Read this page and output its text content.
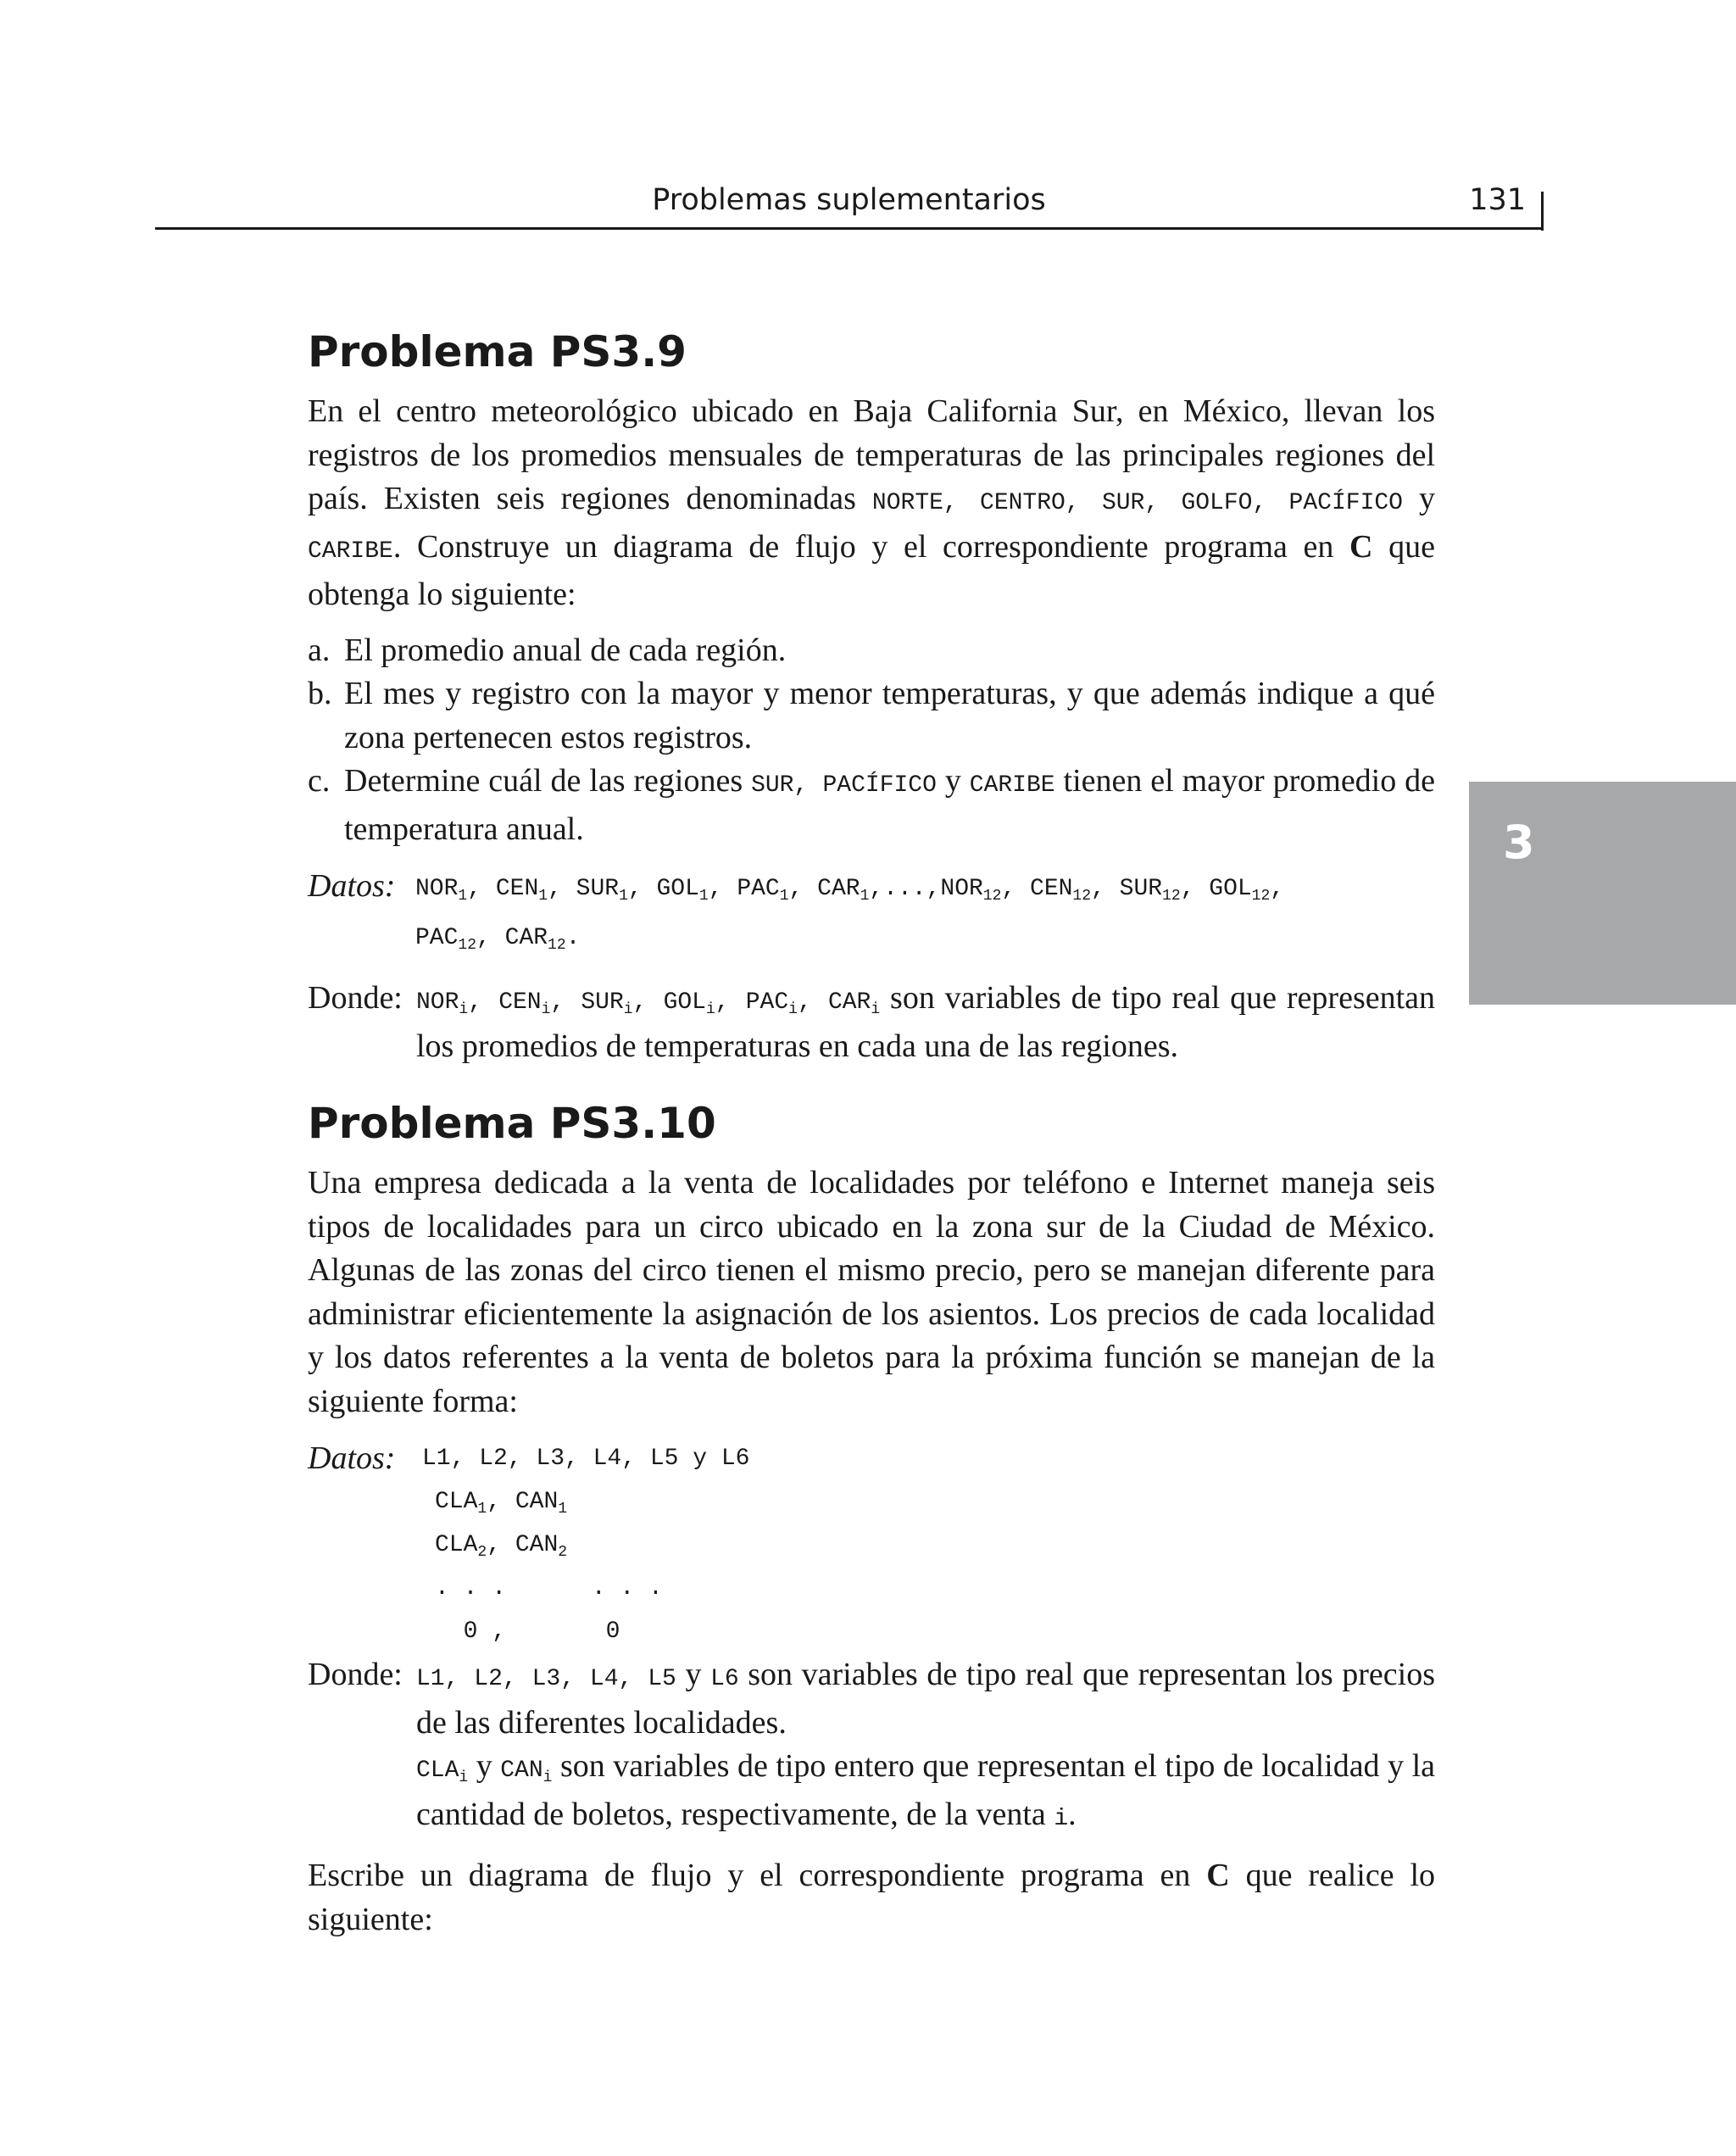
Problemas suplementarios	131
3
Problema PS3.9

En el centro meteorológico ubicado en Baja California Sur, en México, llevan los registros de los promedios mensuales de temperaturas de las principales regiones del país. Existen seis regiones denominadas NORTE, CENTRO, SUR, GOLFO, PACÍFICO y CARIBE. Construye un diagrama de flujo y el correspondiente programa en C que obtenga lo siguiente:

a. El promedio anual de cada región.
b. El mes y registro con la mayor y menor temperaturas, y que además indique a qué zona pertenecen estos registros.
c. Determine cuál de las regiones SUR, PACÍFICO y CARIBE tienen el mayor promedio de temperatura anual.
Datos: $NOR_1$, $CEN_1$, $SUR_1$, $GOL_1$, $PAC_1$, $CAR_1,...,NOR_{12}$, $CEN_{12}$, $SUR_{12}$, $GOL_{12}$,
$PAC_{12}$, $CAR_{12}$.
Donde: $NOR_i$, $CEN_i$, $SUR_i$, $GOL_i$, $PAC_i$, $CAR_i$ son variables de tipo real que representan los promedios de temperaturas en cada una de las regiones.
Problema PS3.10

Una empresa dedicada a la venta de localidades por teléfono e Internet maneja seis tipos de localidades para un circo ubicado en la zona sur de la Ciudad de México. Algunas de las zonas del circo tienen el mismo precio, pero se manejan diferente para administrar eficientemente la asignación de los asientos. Los precios de cada localidad y los datos referentes a la venta de boletos para la próxima función se manejan de la siguiente forma:

Datos: L1, L2, L3, L4, L5 y L6
$CLA_1$, $CAN_1$
$CLA_2$, $CAN_2$
. . .      . . .
0 ,       0
Donde: L1, L2, L3, L4, L5 y L6 son variables de tipo real que representan los precios de las diferentes localidades.
$CLA_i$ y $CAN_i$ son variables de tipo entero que representan el tipo de localidad y la cantidad de boletos, respectivamente, de la venta i.

Escribe un diagrama de flujo y el correspondiente programa en C que realice lo siguiente:
